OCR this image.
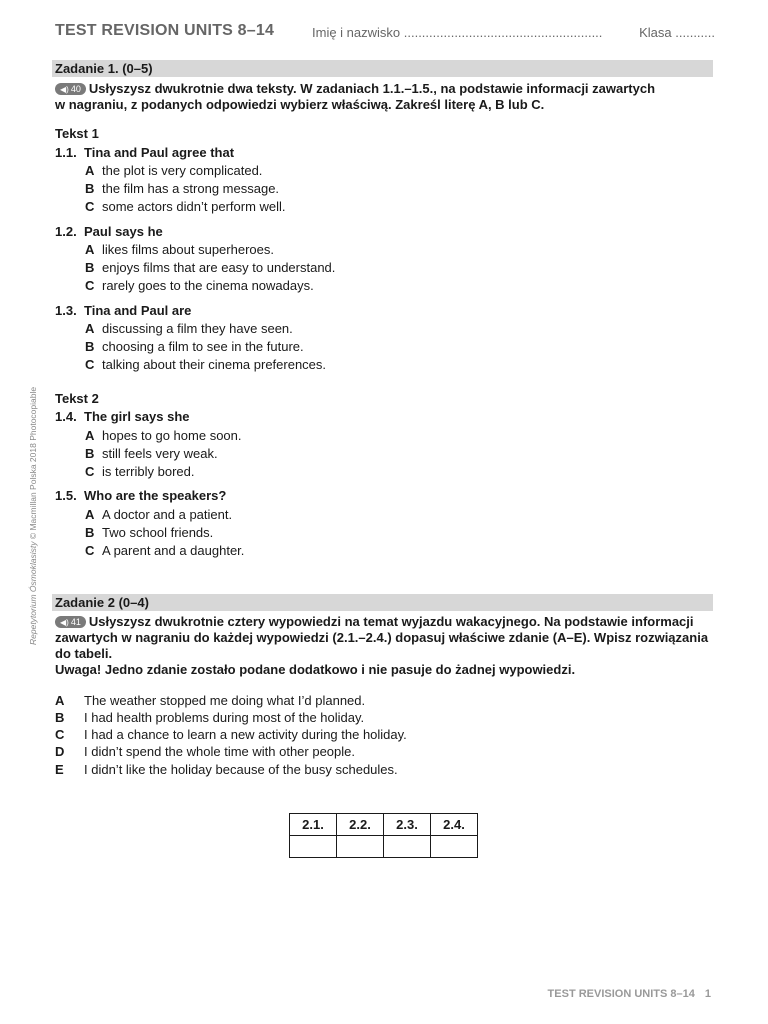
TEST REVISION UNITS 8–14	Imię i nazwisko .......................................................	Klasa ...........
Zadanie 1. (0–5)
◀) 40 Usłyszysz dwukrotnie dwa teksty. W zadaniach 1.1.–1.5., na podstawie informacji zawartych
w nagraniu, z podanych odpowiedzi wybierz właściwą. Zakreśl literę A, B lub C.
Tekst 1
1.1. Tina and Paul agree that
A the plot is very complicated.
B the film has a strong message.
C some actors didn’t perform well.
1.2. Paul says he
A likes films about superheroes.
B enjoys films that are easy to understand.
C rarely goes to the cinema nowadays.
1.3. Tina and Paul are
A discussing a film they have seen.
B choosing a film to see in the future.
C talking about their cinema preferences.
Tekst 2
1.4. The girl says she
A hopes to go home soon.
B still feels very weak.
C is terribly bored.
1.5. Who are the speakers?
A A doctor and a patient.
B Two school friends.
C A parent and a daughter.
Zadanie 2 (0–4)
◀) 41 Usłyszysz dwukrotnie cztery wypowiedzi na temat wyjazdu wakacyjnego. Na podstawie informacji
zawartych w nagraniu do każdej wypowiedzi (2.1.–2.4.) dopasuj właściwe zdanie (A–E). Wpisz rozwiązania
do tabeli.
Uwaga! Jedno zdanie zostało podane dodatkowo i nie pasuje do żadnej wypowiedzi.
A The weather stopped me doing what I’d planned.
B I had health problems during most of the holiday.
C I had a chance to learn a new activity during the holiday.
D I didn’t spend the whole time with other people.
E I didn’t like the holiday because of the busy schedules.
2.1.	2.2.	2.3.	2.4.

Repetytorium Ósmoklasisty © Macmillan Polska 2018 Photocopiable
TEST REVISION UNITS 8–14 1
